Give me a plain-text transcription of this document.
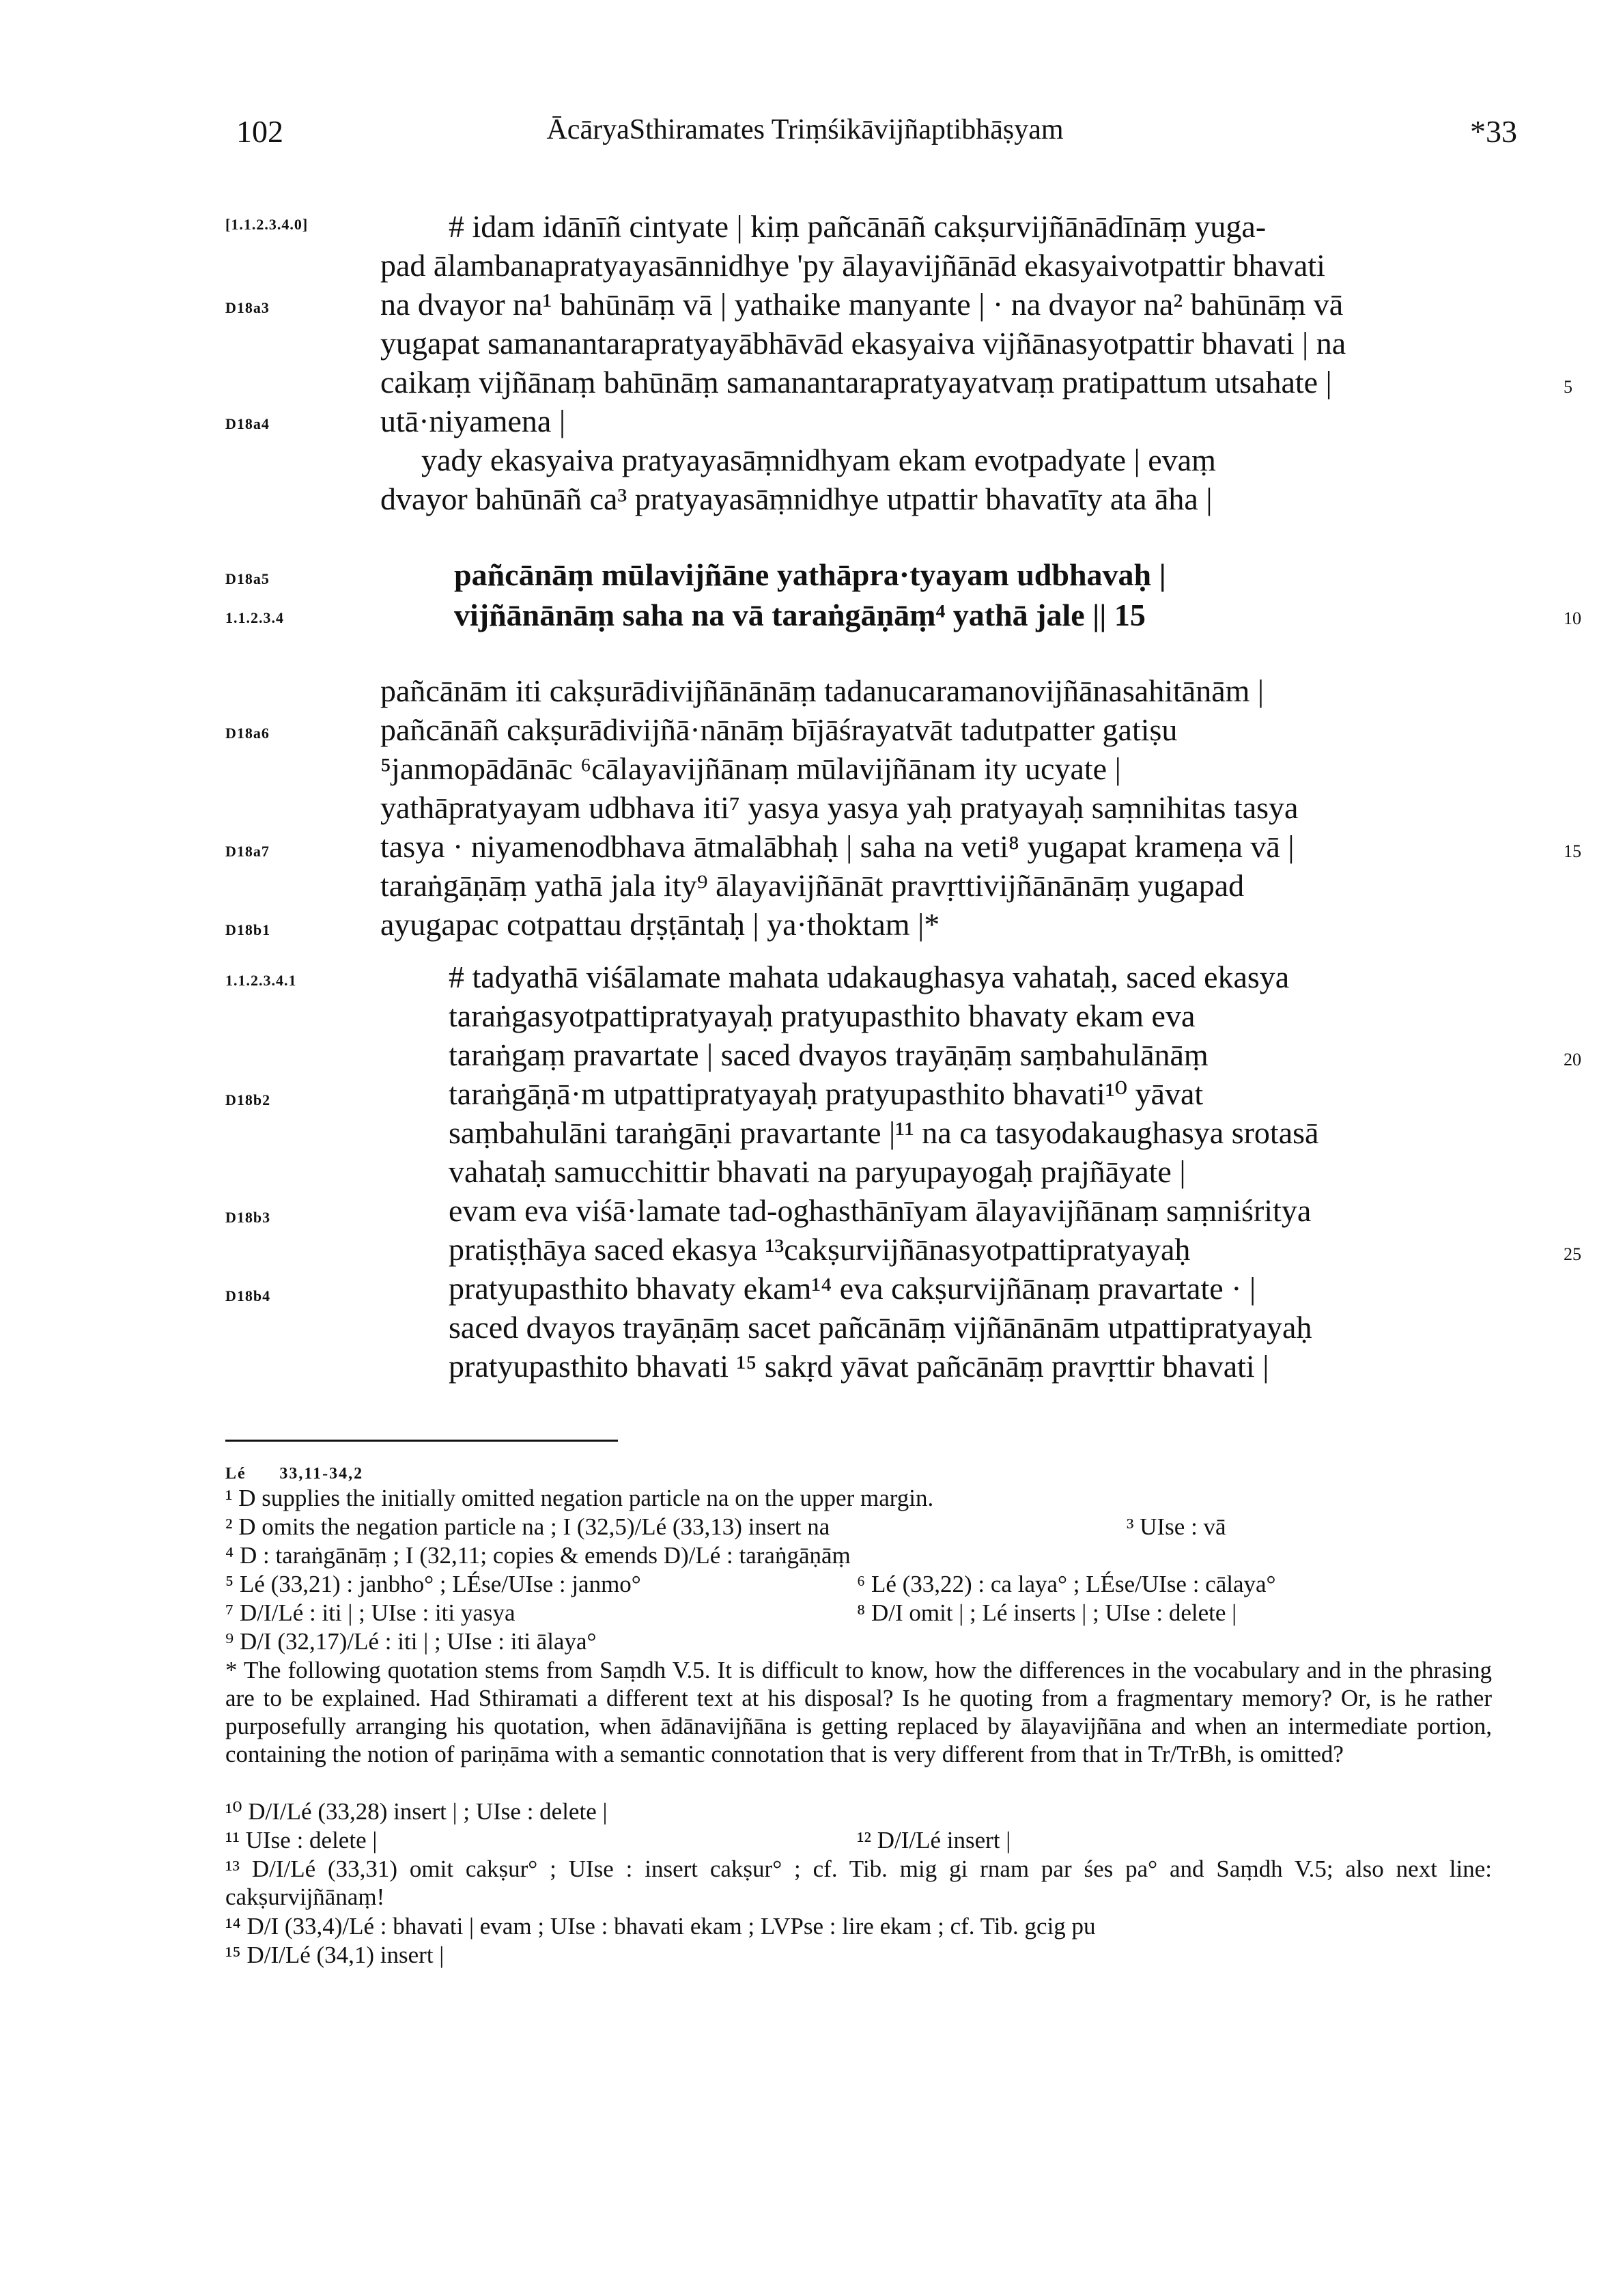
102	ĀcāryaSthiramates Triṃśikāvijñaptibhāṣyam	*33
[1.1.2.3.4.0]
D18a3
D18a4
D18a5
1.1.2.3.4
D18a6
D18a7
D18b1
1.1.2.3.4.1
D18b2
D18b3
D18b4
# idam idānīñ cintyate | kiṃ pañcānāñ cakṣurvijñānādīnāṃ yuga-
pad ālambanapratyayasānnidhye 'py ālayavijñānād ekasyaivotpattir bhavati
na dvayor na¹ bahūnāṃ vā | yathaike manyante | · na dvayor na² bahūnāṃ vā
yugapat samanantarapratyayābhāvād ekasyaiva vijñānasyotpattir bhavati | na
caikaṃ vijñānaṃ bahūnāṃ samanantarapratyayatvaṃ pratipattum utsahate |
utā·niyamena |
yady ekasyaiva pratyayasāṃnidhyam ekam evotpadyate | evaṃ
dvayor bahūnāñ ca³ pratyayasāṃnidhye utpattir bhavatīty ata āha |
pañcānāṃ mūlavijñāne yathāpra·tyayam udbhavaḥ |
vijñānānāṃ saha na vā taraṅgāṇāṃ⁴ yathā jale || 15
pañcānām iti cakṣurādivijñānānāṃ tadanucaramanovijñānasahitānām |
pañcānāñ cakṣurādivijñā·nānāṃ bījāśrayatvāt tadutpatter gatiṣu
⁵janmopādānāc ⁶cālayavijñānaṃ mūlavijñānam ity ucyate |
yathāpratyayam udbhava iti⁷ yasya yasya yaḥ pratyayaḥ saṃnihitas tasya
tasya · niyamenodbhava ātmalābhaḥ | saha na veti⁸ yugapat krameṇa vā |
taraṅgāṇāṃ yathā jala ity⁹ ālayavijñānāt pravṛttivijñānānāṃ yugapad
ayugapac cotpattau dṛṣṭāntaḥ | ya·thoktam |*
# tadyathā viśālamate mahata udakaughasya vahataḥ, saced ekasya
taraṅgasyotpattipratyayaḥ pratyupasthito bhavaty ekam eva
taraṅgaṃ pravartate | saced dvayos trayāṇāṃ saṃbahulānāṃ
taraṅgāṇā·m utpattipratyayaḥ pratyupasthito bhavati¹⁰ yāvat
saṃbahulāni taraṅgāṇi pravartante |¹¹ na ca tasyodakaughasya srotasā
vahataḥ samucchittir bhavati na paryupayogaḥ prajñāyate |
evam eva viśā·lamate tad-oghasthānīyam ālayavijñānaṃ saṃniśritya
pratiṣṭhāya saced ekasya ¹³cakṣurvijñānasyotpattipratyayaḥ
pratyupasthito bhavaty ekam¹⁴ eva cakṣurvijñānaṃ pravartate · |
saced dvayos trayāṇāṃ sacet pañcānāṃ vijñānānām utpattipratyayaḥ
pratyupasthito bhavati ¹⁵ sakṛd yāvat pañcānāṃ pravṛttir bhavati |
5
10
15
20
25
Lé 33,11-34,2
¹ D supplies the initially omitted negation particle na on the upper margin.
² D omits the negation particle na ; I (32,5)/Lé (33,13) insert na	³ UIse : vā
⁴ D : taraṅgānāṃ ; I (32,11; copies & emends D)/Lé : taraṅgāṇāṃ
⁵ Lé (33,21) : janbho° ; LÉse/UIse : janmo°	⁶ Lé (33,22) : ca laya° ; LÉse/UIse : cālaya°
⁷ D/I/Lé : iti | ; UIse : iti yasya	⁸ D/I omit | ; Lé inserts | ; UIse : delete |
⁹ D/I (32,17)/Lé : iti | ; UIse : iti ālaya°
* The following quotation stems from Saṃdh V.5. It is difficult to know, how the differences in the vocabulary and in the phrasing are to be explained. Had Sthiramati a different text at his disposal? Is he quoting from a fragmentary memory? Or, is he rather purposefully arranging his quotation, when ādānavijñāna is getting replaced by ālayavijñāna and when an intermediate portion, containing the notion of pariṇāma with a semantic connotation that is very different from that in Tr/TrBh, is omitted?
¹⁰ D/I/Lé (33,28) insert | ; UIse : delete |
¹¹ UIse : delete |	¹² D/I/Lé insert |
¹³ D/I/Lé (33,31) omit cakṣur° ; UIse : insert cakṣur° ; cf. Tib. mig gi rnam par śes pa° and Saṃdh V.5; also next line: cakṣurvijñānaṃ!
¹⁴ D/I (33,4)/Lé : bhavati | evam ; UIse : bhavati ekam ; LVPse : lire ekam ; cf. Tib. gcig pu
¹⁵ D/I/Lé (34,1) insert |
